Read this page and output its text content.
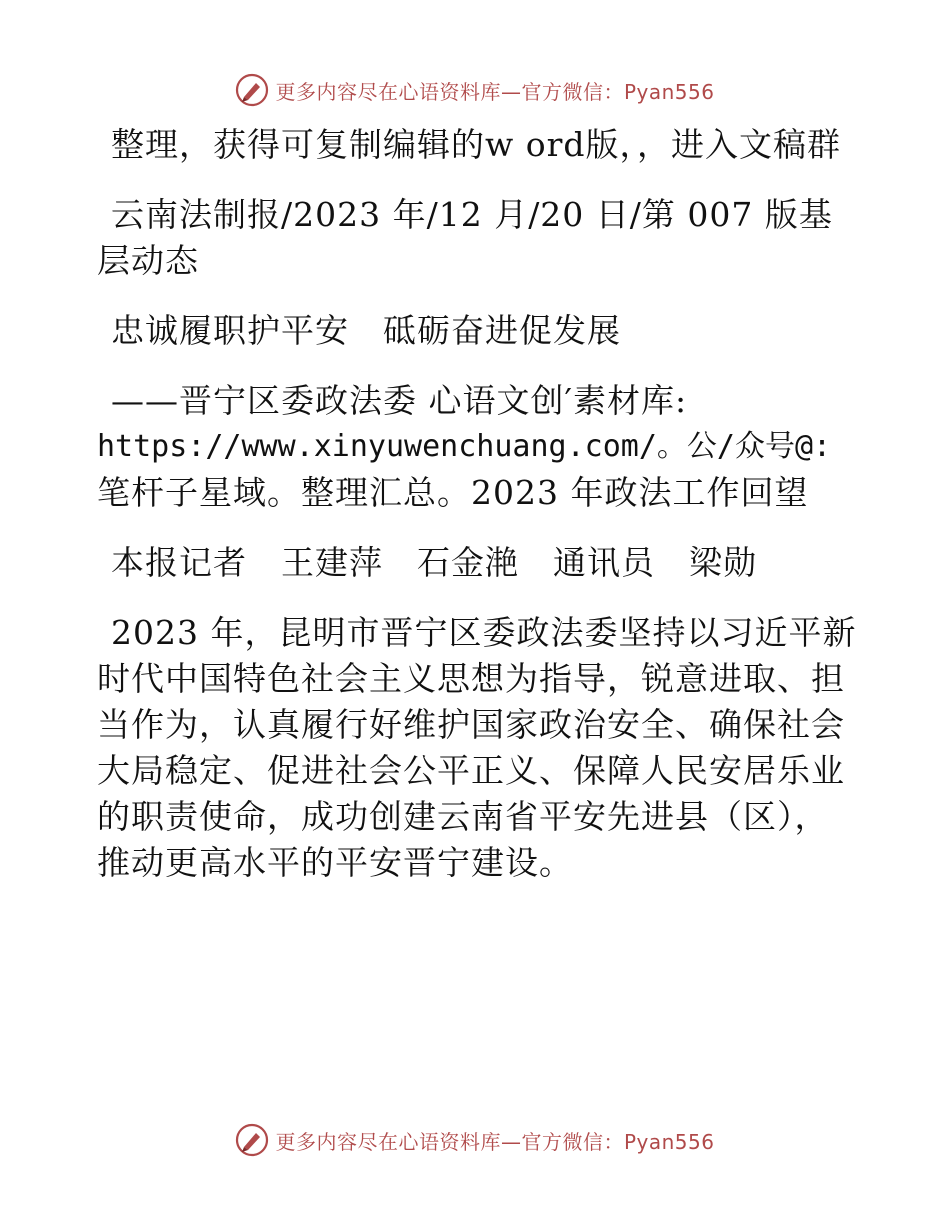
更多内容尽在心语资料库—官方微信：Pyan556

整理，获得可复制编辑的w ord版，，进入文稿群

云南法制报/2023 年/12 月/20 日/第 007 版基层动态

忠诚履职护平安　砥砺奋进促发展

——晋宁区委政法委 心语文创′素材库:
https://www.xinyuwenchuang.com/。公/众号@:
笔杆子星域。整理汇总。2023 年政法工作回望

本报记者　王建萍　石金滟　通讯员　梁勋

2023 年，昆明市晋宁区委政法委坚持以习近平新时代中国特色社会主义思想为指导，锐意进取、担当作为，认真履行好维护国家政治安全、确保社会大局稳定、促进社会公平正义、保障人民安居乐业的职责使命，成功创建云南省平安先进县（区），推动更高水平的平安晋宁建设。

更多内容尽在心语资料库—官方微信：Pyan556
